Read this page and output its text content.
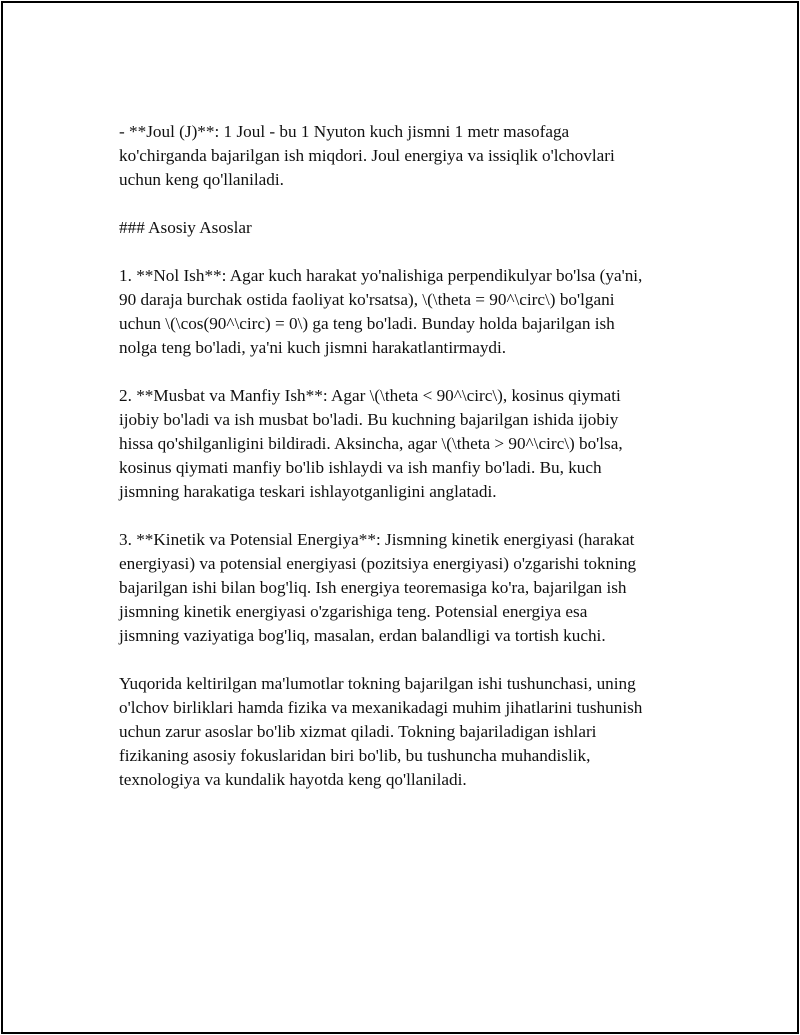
- **Joul (J)**: 1 Joul - bu 1 Nyuton kuch jismni 1 metr masofaga
ko'chirganda bajarilgan ish miqdori. Joul energiya va issiqlik o'lchovlari
uchun keng qo'llaniladi.

### Asosiy Asoslar

1. **Nol Ish**: Agar kuch harakat yo'nalishiga perpendikulyar bo'lsa (ya'ni,
90 daraja burchak ostida faoliyat ko'rsatsa), \(\theta = 90^\circ\) bo'lgani
uchun \(\cos(90^\circ) = 0\) ga teng bo'ladi. Bunday holda bajarilgan ish
nolga teng bo'ladi, ya'ni kuch jismni harakatlantirmaydi.

2. **Musbat va Manfiy Ish**: Agar \(\theta < 90^\circ\), kosinus qiymati
ijobiy bo'ladi va ish musbat bo'ladi. Bu kuchning bajarilgan ishida ijobiy
hissa qo'shilganligini bildiradi. Aksincha, agar \(\theta > 90^\circ\) bo'lsa,
kosinus qiymati manfiy bo'lib ishlaydi va ish manfiy bo'ladi. Bu, kuch
jismning harakatiga teskari ishlayotganligini anglatadi.

3. **Kinetik va Potensial Energiya**: Jismning kinetik energiyasi (harakat
energiyasi) va potensial energiyasi (pozitsiya energiyasi) o'zgarishi tokning
bajarilgan ishi bilan bog'liq. Ish energiya teoremasiga ko'ra, bajarilgan ish
jismning kinetik energiyasi o'zgarishiga teng. Potensial energiya esa
jismning vaziyatiga bog'liq, masalan, erdan balandligi va tortish kuchi.

Yuqorida keltirilgan ma'lumotlar tokning bajarilgan ishi tushunchasi, uning
o'lchov birliklari hamda fizika va mexanikadagi muhim jihatlarini tushunish
uchun zarur asoslar bo'lib xizmat qiladi. Tokning bajariladigan ishlari
fizikaning asosiy fokuslaridan biri bo'lib, bu tushuncha muhandislik,
texnologiya va kundalik hayotda keng qo'llaniladi.
